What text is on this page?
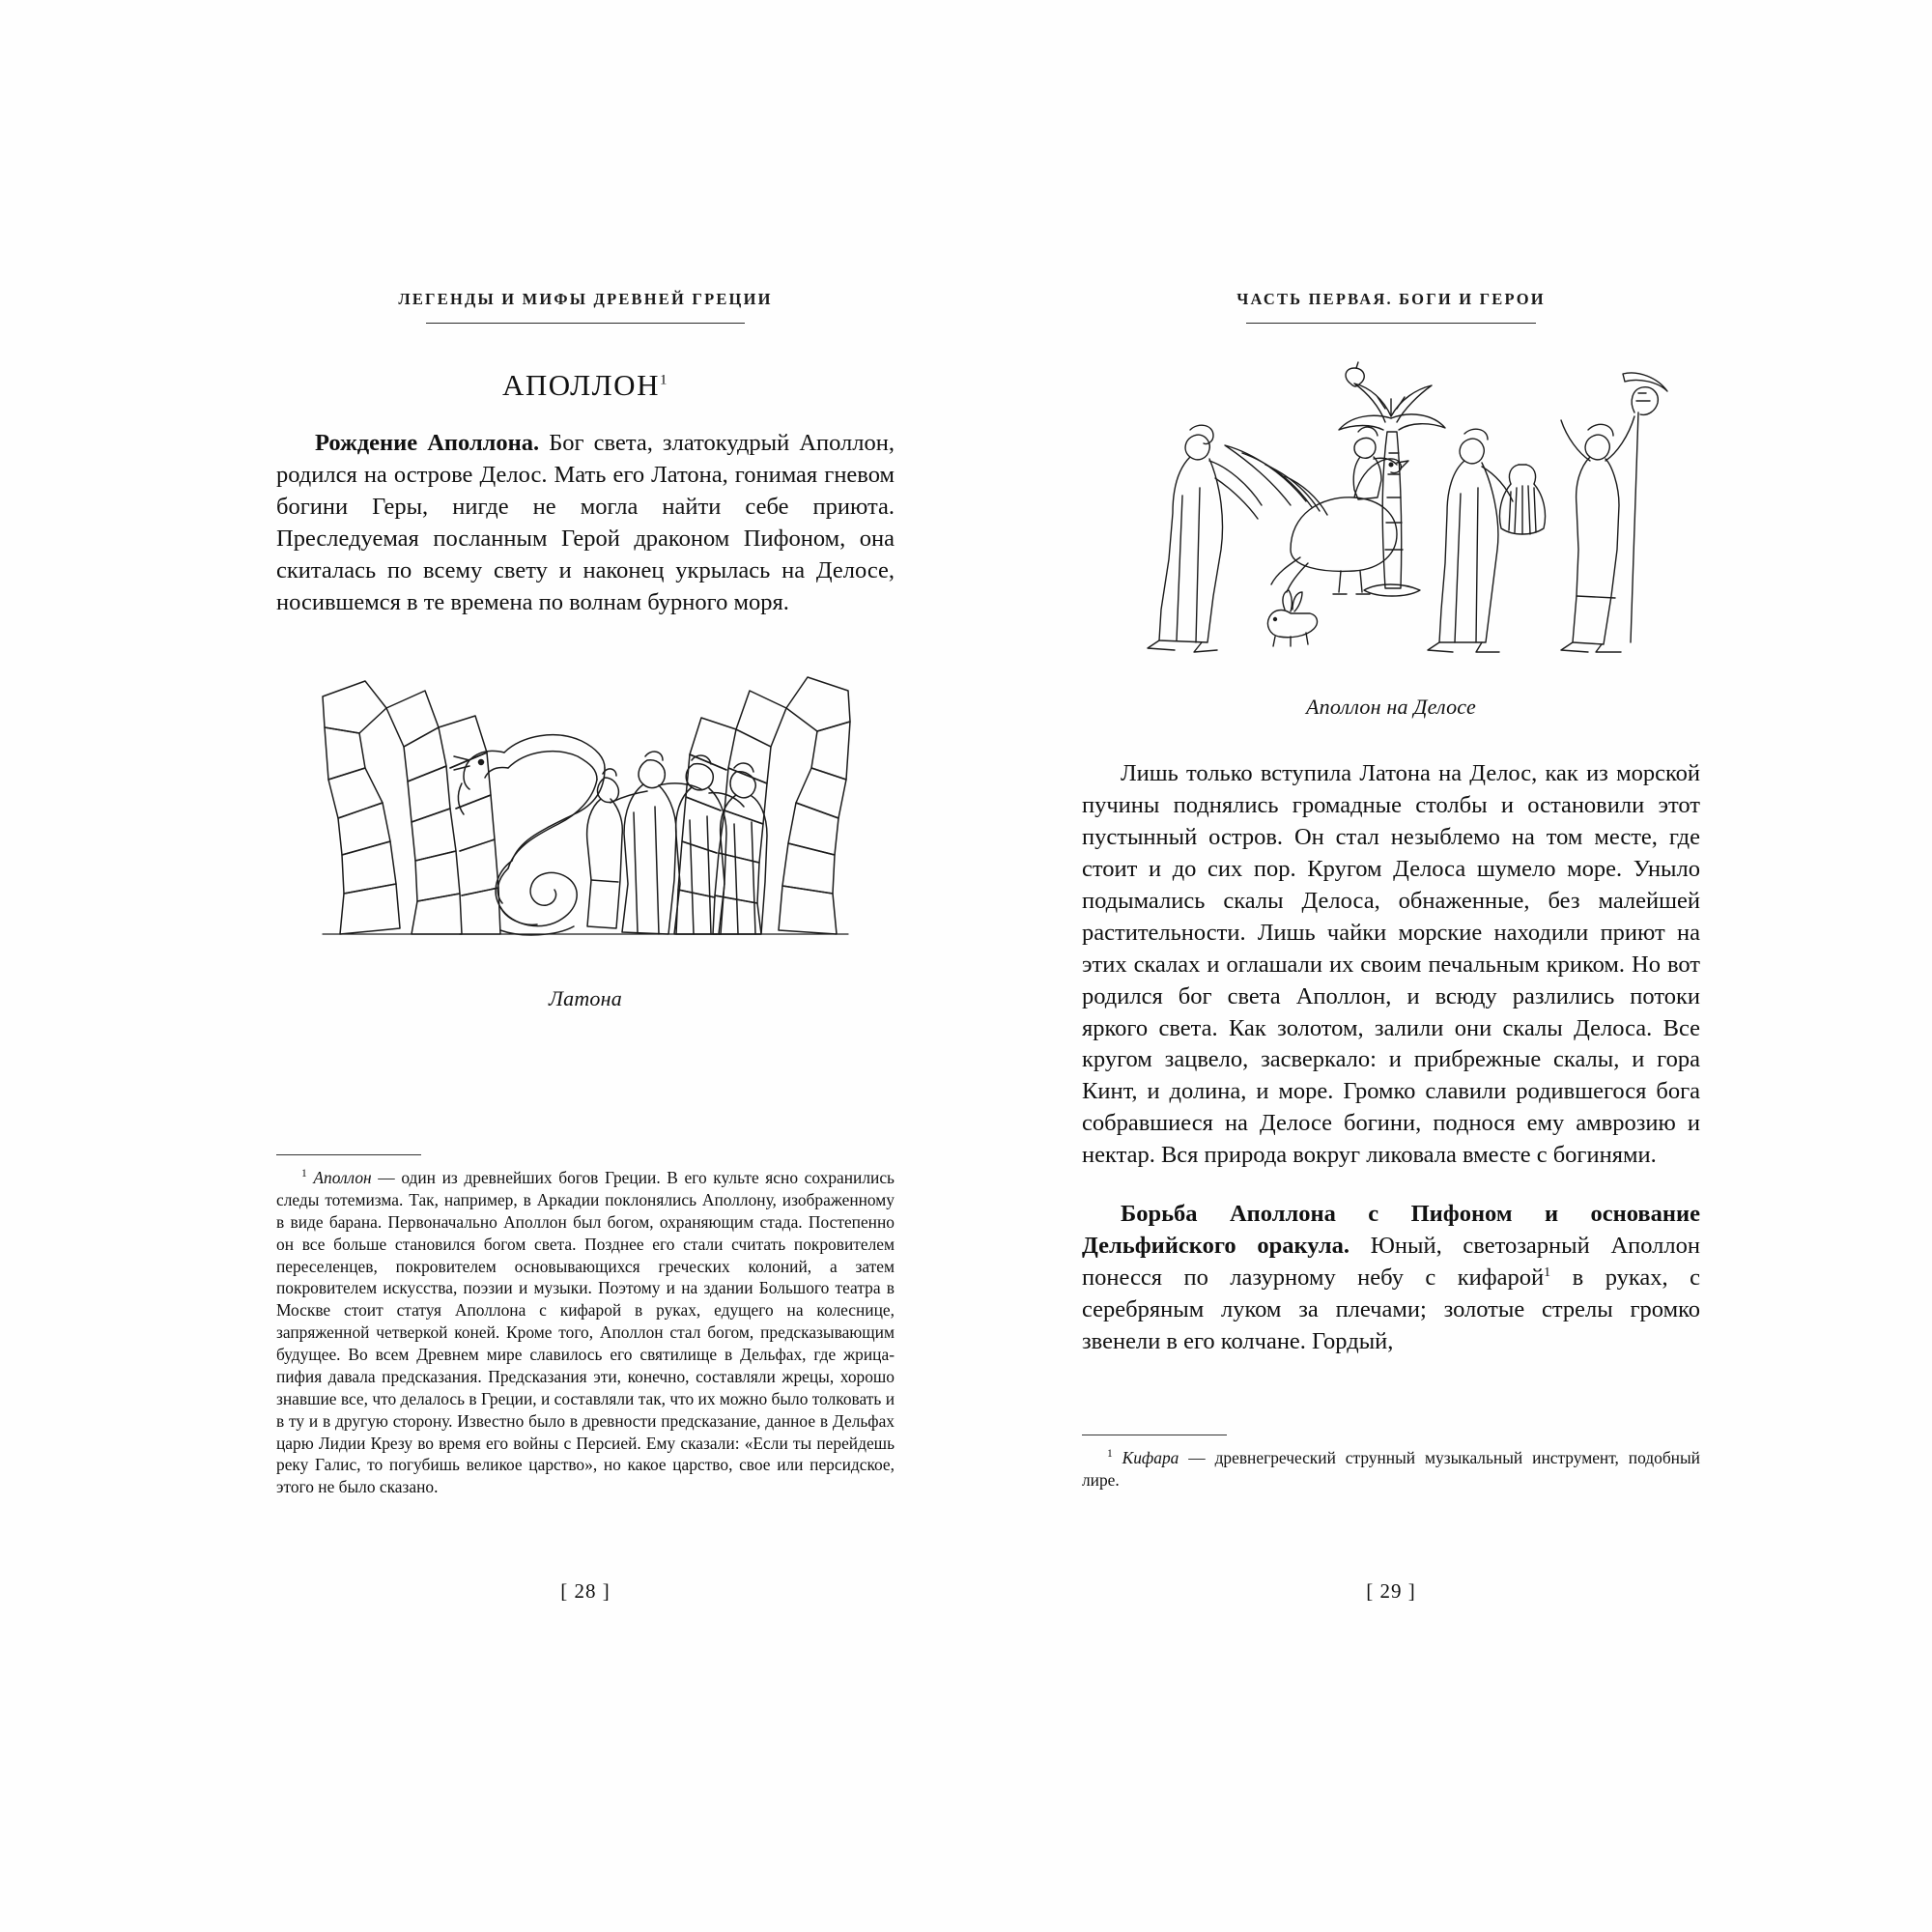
ЛЕГЕНДЫ И МИФЫ ДРЕВНЕЙ ГРЕЦИИ
АПОЛЛОН$^1$

Рождение Аполлона. Бог света, златокудрый Аполлон, родился на острове Делос. Мать его Латона, гонимая гневом богини Геры, нигде не могла найти себе приюта. Преследуемая посланным Герой драконом Пифоном, она скиталась по всему свету и наконец укрылась на Делосе, носившемся в те времена по волнам бурного моря.

Латона

$^1$ Аполлон — один из древнейших богов Греции. В его культе ясно сохранились следы тотемизма. Так, например, в Аркадии поклонялись Аполлону, изображенному в виде барана. Первоначально Аполлон был богом, охраняющим стада. Постепенно он все больше становился богом света. Позднее его стали считать покровителем переселенцев, покровителем основывающихся греческих колоний, а затем покровителем искусства, поэзии и музыки. Поэтому и на здании Большого театра в Москве стоит статуя Аполлона с кифарой в руках, едущего на колеснице, запряженной четверкой коней. Кроме того, Аполлон стал богом, предсказывающим будущее. Во всем Древнем мире славилось его святилище в Дельфах, где жрица-пифия давала предсказания. Предсказания эти, конечно, составляли жрецы, хорошо знавшие все, что делалось в Греции, и составляли так, что их можно было толковать и в ту и в другую сторону. Известно было в древности предсказание, данное в Дельфах царю Лидии Крезу во время его войны с Персией. Ему сказали: «Если ты перейдешь реку Галис, то погубишь великое царство», но какое царство, свое или персидское, этого не было сказано.

[ 28 ]
ЧАСТЬ ПЕРВАЯ. БОГИ И ГЕРОИ
Аполлон на Делосе

Лишь только вступила Латона на Делос, как из морской пучины поднялись громадные столбы и остановили этот пустынный остров. Он стал незыблемо на том месте, где стоит и до сих пор. Кругом Делоса шумело море. Уныло подымались скалы Делоса, обнаженные, без малейшей растительности. Лишь чайки морские находили приют на этих скалах и оглашали их своим печальным криком. Но вот родился бог света Аполлон, и всюду разлились потоки яркого света. Как золотом, залили они скалы Делоса. Все кругом зацвело, засверкало: и прибрежные скалы, и гора Кинт, и долина, и море. Громко славили родившегося бога собравшиеся на Делосе богини, поднося ему амврозию и нектар. Вся природа вокруг ликовала вместе с богинями.

Борьба Аполлона с Пифоном и основание Дельфийского оракула. Юный, светозарный Аполлон понесся по лазурному небу с кифарой$^1$ в руках, с серебряным луком за плечами; золотые стрелы громко звенели в его колчане. Гордый,

$^1$ Кифара — древнегреческий струнный музыкальный инструмент, подобный лире.

[ 29 ]
